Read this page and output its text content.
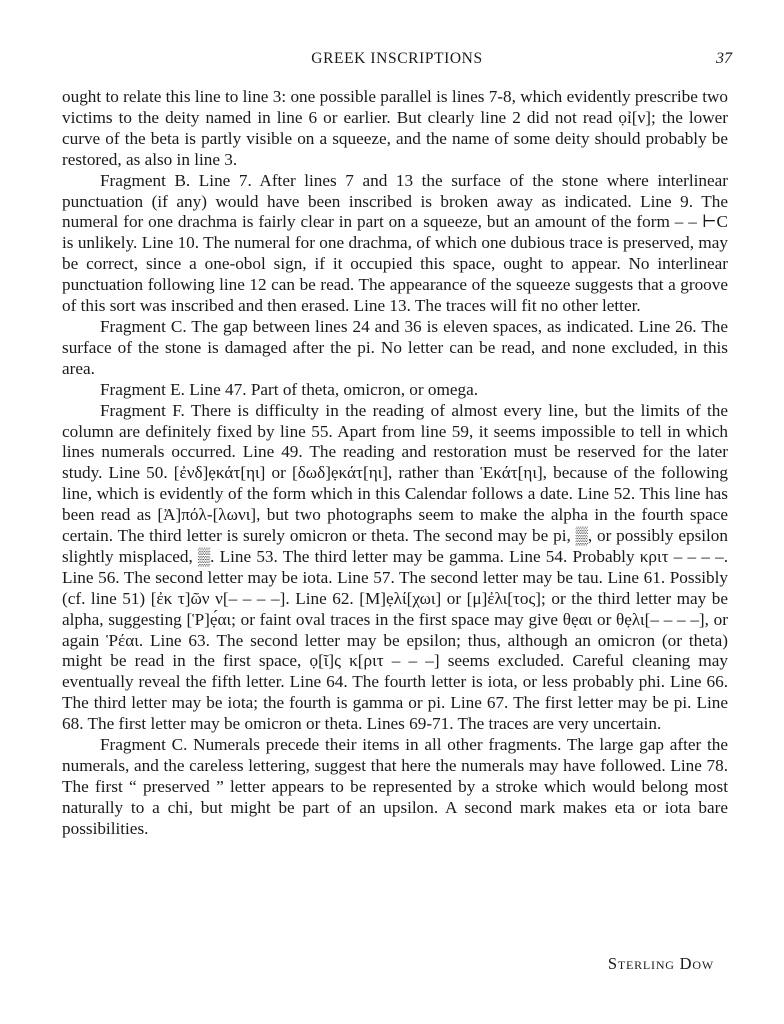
GREEK INSCRIPTIONS	37

ought to relate this line to line 3: one possible parallel is lines 7-8, which evidently prescribe two victims to the deity named in line 6 or earlier. But clearly line 2 did not read ọỉ[ν]; the lower curve of the beta is partly visible on a squeeze, and the name of some deity should probably be restored, as also in line 3.

Fragment B. Line 7. After lines 7 and 13 the surface of the stone where interlinear punctuation (if any) would have been inscribed is broken away as indicated. Line 9. The numeral for one drachma is fairly clear in part on a squeeze, but an amount of the form – – ⊢C is unlikely. Line 10. The numeral for one drachma, of which one dubious trace is preserved, may be correct, since a one-obol sign, if it occupied this space, ought to appear. No interlinear punctuation following line 12 can be read. The appearance of the squeeze suggests that a groove of this sort was inscribed and then erased. Line 13. The traces will fit no other letter.

Fragment C. The gap between lines 24 and 36 is eleven spaces, as indicated. Line 26. The surface of the stone is damaged after the pi. No letter can be read, and none excluded, in this area.

Fragment E. Line 47. Part of theta, omicron, or omega.

Fragment F. There is difficulty in the reading of almost every line, but the limits of the column are definitely fixed by line 55. Apart from line 59, it seems impossible to tell in which lines numerals occurred. Line 49. The reading and restoration must be reserved for the later study. Line 50. [ἐνδ]ẹκάτ[ηι] or [δωδ]ẹκάτ[ηι], rather than Ἑκάτ[ηι], because of the following line, which is evidently of the form which in this Calendar follows a date. Line 52. This line has been read as [Ἀ]πόλ-[λωνι], but two photographs seem to make the alpha in the fourth space certain. The third letter is surely omicron or theta. The second may be pi, ▒, or possibly epsilon slightly misplaced, ▒. Line 53. The third letter may be gamma. Line 54. Probably κριτ – – – –. Line 56. The second letter may be iota. Line 57. The second letter may be tau. Line 61. Possibly (cf. line 51) [ἐκ τ]ῶν ν[– – – –]. Line 62. [Μ]ẹλί[χωι] or [μ]ἐλι[τος]; or the third letter may be alpha, suggesting [Ῥ]ẹ́αι; or faint oval traces in the first space may give θẹαι or θẹλι[– – – –], or again Ῥέαι. Line 63. The second letter may be epsilon; thus, although an omicron (or theta) might be read in the first space, ọ[ῖ]ς κ[ριτ – – –] seems excluded. Careful cleaning may eventually reveal the fifth letter. Line 64. The fourth letter is iota, or less probably phi. Line 66. The third letter may be iota; the fourth is gamma or pi. Line 67. The first letter may be pi. Line 68. The first letter may be omicron or theta. Lines 69-71. The traces are very uncertain.

Fragment C. Numerals precede their items in all other fragments. The large gap after the numerals, and the careless lettering, suggest that here the numerals may have followed. Line 78. The first “ preserved ” letter appears to be represented by a stroke which would belong most naturally to a chi, but might be part of an upsilon. A second mark makes eta or iota bare possibilities.

Sterling Dow
